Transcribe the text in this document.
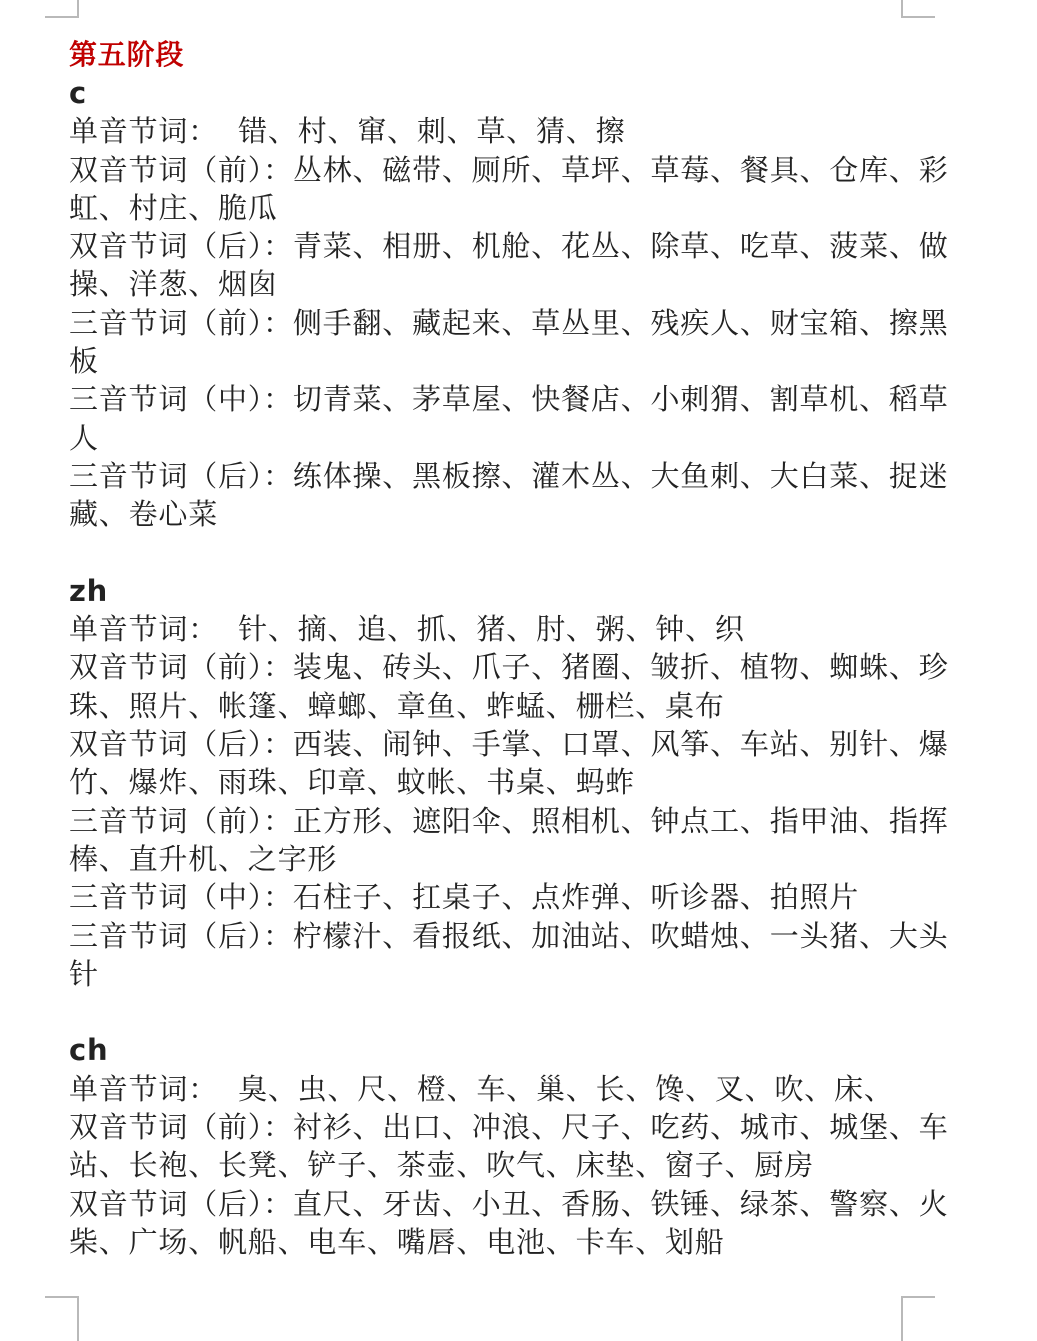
第五阶段

c

单音节词： 错、村、窜、刺、草、猜、擦

双音节词（前）：丛林、磁带、厕所、草坪、草莓、餐具、仓库、彩虹、村庄、脆瓜

双音节词（后）：青菜、相册、机舱、花丛、除草、吃草、菠菜、做操、洋葱、烟囱

三音节词（前）：侧手翻、藏起来、草丛里、残疾人、财宝箱、擦黑板

三音节词（中）：切青菜、茅草屋、快餐店、小刺猬、割草机、稻草人

三音节词（后）：练体操、黑板擦、灌木丛、大鱼刺、大白菜、捉迷藏、卷心菜

zh

单音节词： 针、摘、追、抓、猪、肘、粥、钟、织

双音节词（前）：装鬼、砖头、爪子、猪圈、皱折、植物、蜘蛛、珍珠、照片、帐篷、蟑螂、章鱼、蚱蜢、栅栏、桌布

双音节词（后）：西装、闹钟、手掌、口罩、风筝、车站、别针、爆竹、爆炸、雨珠、印章、蚊帐、书桌、蚂蚱

三音节词（前）：正方形、遮阳伞、照相机、钟点工、指甲油、指挥棒、直升机、之字形

三音节词（中）：石柱子、扛桌子、点炸弹、听诊器、拍照片

三音节词（后）：柠檬汁、看报纸、加油站、吹蜡烛、一头猪、大头针

ch

单音节词： 臭、虫、尺、橙、车、巢、长、馋、叉、吹、床、

双音节词（前）：衬衫、出口、冲浪、尺子、吃药、城市、城堡、车站、长袍、长凳、铲子、茶壶、吹气、床垫、窗子、厨房

双音节词（后）：直尺、牙齿、小丑、香肠、铁锤、绿茶、警察、火柴、广场、帆船、电车、嘴唇、电池、卡车、划船
